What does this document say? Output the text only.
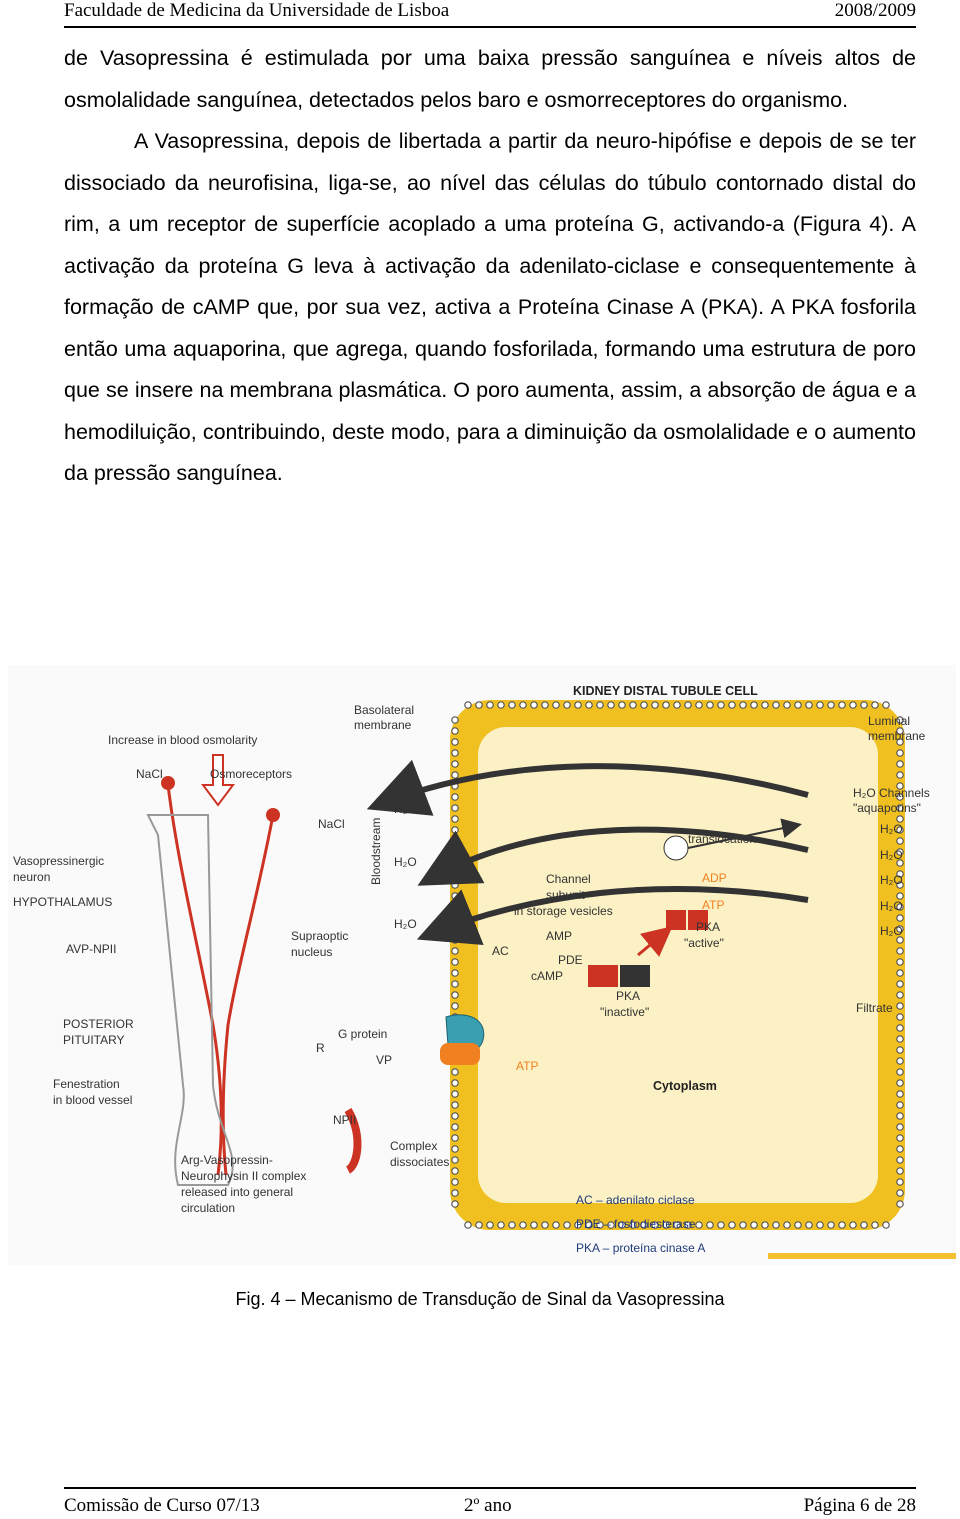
Faculdade de Medicina da Universidade de Lisboa	2008/2009

de Vasopressina é estimulada por uma baixa pressão sanguínea e níveis altos de osmolalidade sanguínea, detectados pelos baro e osmorreceptores do organismo.

A Vasopressina, depois de libertada a partir da neuro-hipófise e depois de se ter dissociado da neurofisina, liga-se, ao nível das células do túbulo contornado distal do rim, a um receptor de superfície acoplado a uma proteína G, activando-a (Figura 4). A activação da proteína G leva à activação da adenilato-ciclase e consequentemente à formação de cAMP que, por sua vez, activa a Proteína Cinase A (PKA). A PKA fosforila então uma aquaporina, que agrega, quando fosforilada, formando uma estrutura de poro que se insere na membrana plasmática. O poro aumenta, assim, a absorção de água e a hemodiluição, contribuindo, deste modo, para a diminuição da osmolalidade e o aumento da pressão sanguínea.

KIDNEY DISTAL TUBULE CELL
Basolateral
membrane	Luminal
membrane
Increase in blood osmolarity
NaCl	Osmoreceptors
NaCl
Vasopressinergic
neuron
HYPOTHALAMUS
AVP-NPII
Supraoptic
nucleus
POSTERIOR
PITUITARY
Fenestration
in blood vessel
Arg-Vasopressin-
Neurophysin II complex
released into general
circulation
Bloodstream
H₂O
H₂O
H₂O
G protein
R
VP
NPII
Complex
dissociates
AC
AMP
PDE
cAMP
ATP
Channel
subunit
in storage vesicles
translocation
ADP
ATP
PKA
"active"
PKA
"inactive"
Cytoplasm
H₂O Channels
"aquaporins"
H₂O
H₂O
H₂O
H₂O
H₂O
Filtrate
AC – adenilato ciclase
PDE – fosfodiesterase
PKA – proteína cinase A
Fig. 4 – Mecanismo de Transdução de Sinal da Vasopressina
Comissão de Curso 07/13	2º ano	Página 6 de 28
